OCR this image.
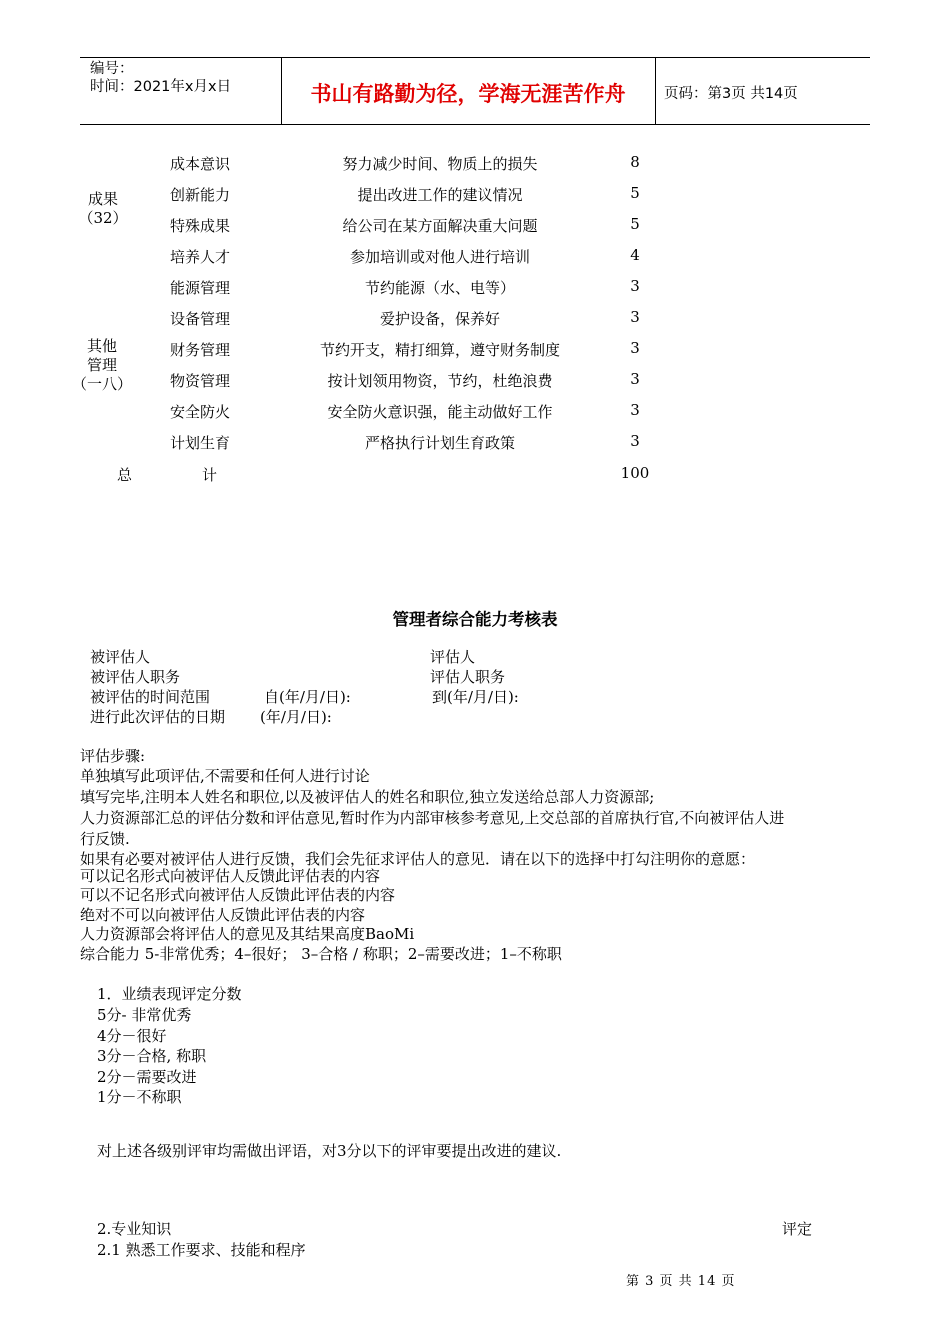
编号：
时间：2021年x月x日	书山有路勤为径，学海无涯苦作舟	页码：第3页 共14页
成果
（32）
其他
管理
（一八）
成本意识	努力减少时间、物质上的损失	8
创新能力	提出改进工作的建议情况	5
特殊成果	给公司在某方面解决重大问题	5
培养人才	参加培训或对他人进行培训	4
能源管理	节约能源（水、电等）	3
设备管理	爱护设备，保养好	3
财务管理	节约开支，精打细算，遵守财务制度	3
物资管理	按计划领用物资，节约，杜绝浪费	3
安全防火	安全防火意识强，能主动做好工作	3
计划生育	严格执行计划生育政策	3
总	计	100
管理者综合能力考核表
被评估人	评估人
被评估人职务	评估人职务
被评估的时间范围	自(年/月/日):	到(年/月/日):
进行此次评估的日期 (年/月/日):
评估步骤:
单独填写此项评估,不需要和任何人进行讨论
填写完毕,注明本人姓名和职位,以及被评估人的姓名和职位,独立发送给总部人力资源部;
人力资源部汇总的评估分数和评估意见,暂时作为内部审核参考意见,上交总部的首席执行官,不向被评估人进
行反馈.
如果有必要对被评估人进行反馈，我们会先征求评估人的意见．请在以下的选择中打勾注明你的意愿：
可以记名形式向被评估人反馈此评估表的内容
可以不记名形式向被评估人反馈此评估表的内容
绝对不可以向被评估人反馈此评估表的内容
人力资源部会将评估人的意见及其结果高度BaoMi
综合能力 5-非常优秀；4–很好； 3–合格 / 称职；2–需要改进；1–不称职
1．业绩表现评定分数
5分- 非常优秀
4分－很好
3分－合格, 称职
2分－需要改进
1分－不称职
对上述各级别评审均需做出评语，对3分以下的评审要提出改进的建议.
2.专业知识	评定
2.1 熟悉工作要求、技能和程序
第 3 页 共 14 页
